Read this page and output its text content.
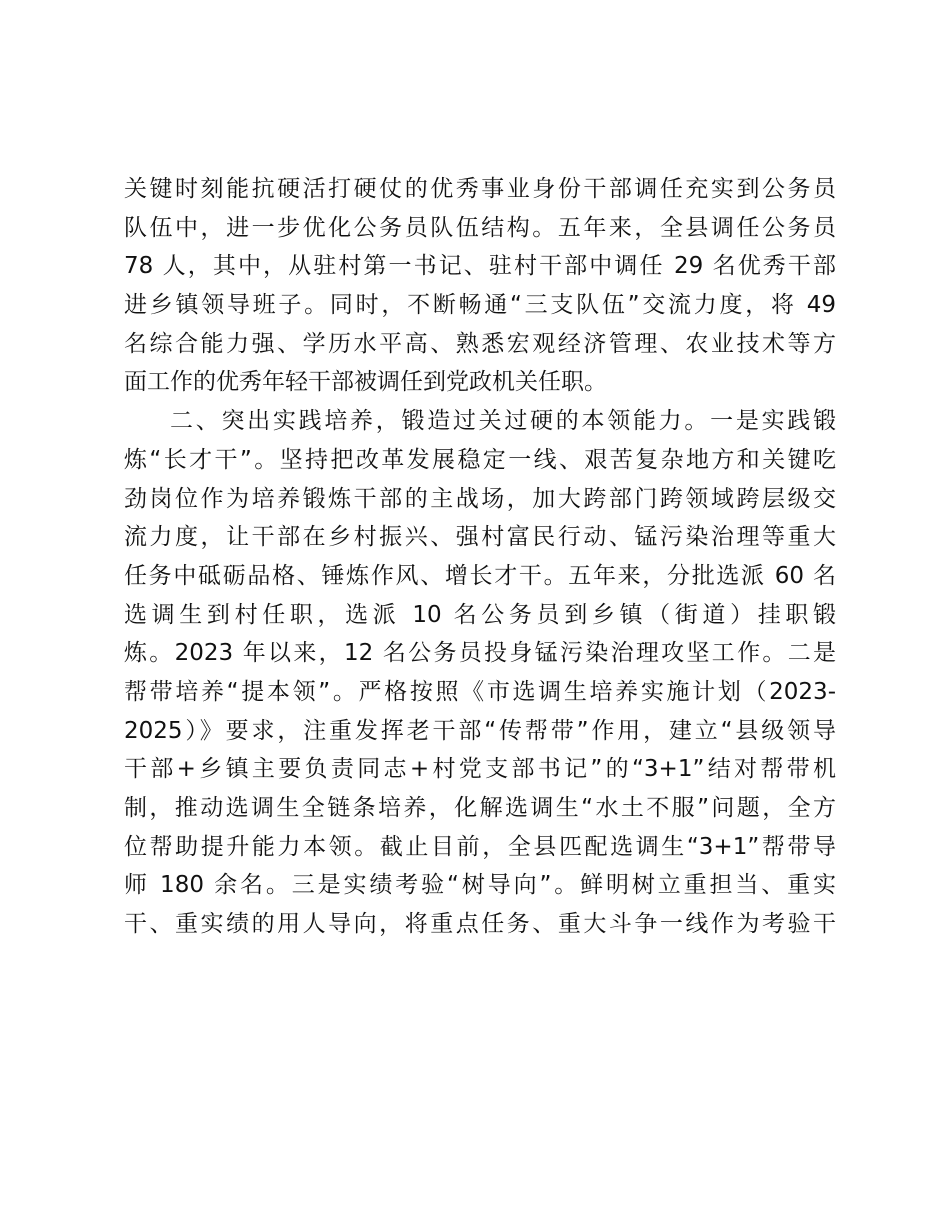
关键时刻能抗硬活打硬仗的优秀事业身份干部调任充实到公务员
队伍中，进一步优化公务员队伍结构。五年来，全县调任公务员
78 人，其中，从驻村第一书记、驻村干部中调任 29 名优秀干部
进乡镇领导班子。同时，不断畅通“三支队伍”交流力度，将 49
名综合能力强、学历水平高、熟悉宏观经济管理、农业技术等方
面工作的优秀年轻干部被调任到党政机关任职。
二、突出实践培养，锻造过关过硬的本领能力。一是实践锻
炼“长才干”。坚持把改革发展稳定一线、艰苦复杂地方和关键吃
劲岗位作为培养锻炼干部的主战场，加大跨部门跨领域跨层级交
流力度，让干部在乡村振兴、强村富民行动、锰污染治理等重大
任务中砥砺品格、锤炼作风、增长才干。五年来，分批选派 60 名
选调生到村任职，选派 10 名公务员到乡镇（街道）挂职锻
炼。2023 年以来，12 名公务员投身锰污染治理攻坚工作。二是
帮带培养“提本领”。严格按照《市选调生培养实施计划（2023-
2025）》要求，注重发挥老干部“传帮带”作用，建立“县级领导
干部+乡镇主要负责同志+村党支部书记”的“3+1”结对帮带机
制，推动选调生全链条培养，化解选调生“水土不服”问题，全方
位帮助提升能力本领。截止目前，全县匹配选调生“3+1”帮带导
师 180 余名。三是实绩考验“树导向”。鲜明树立重担当、重实
干、重实绩的用人导向，将重点任务、重大斗争一线作为考验干
